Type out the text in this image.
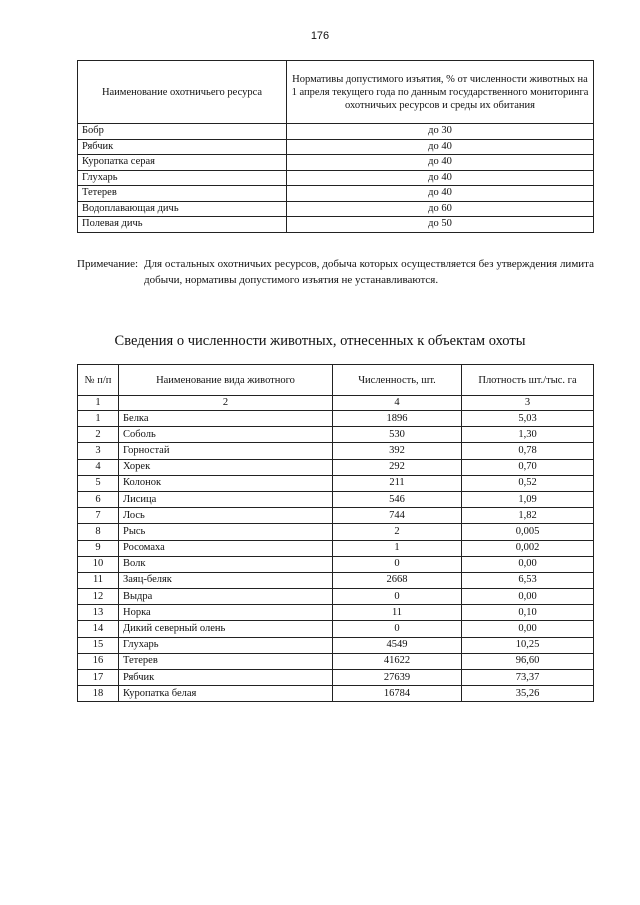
176
Наименование охотничьего ресурса	Нормативы допустимого изъятия, % от численности животных на 1 апреля текущего года по данным государственного мониторинга охотничьих ресурсов и среды их обитания
Бобр	до 30
Рябчик	до 40
Куропатка серая	до 40
Глухарь	до 40
Тетерев	до 40
Водоплавающая дичь	до 60
Полевая дичь	до 50
Примечание: Для остальных охотничьих ресурсов, добыча которых осуществляется без утверждения лимита добычи, нормативы допустимого изъятия не устанавливаются.
Сведения о численности животных, отнесенных к объектам охоты
№ п/п	Наименование вида животного	Численность, шт.	Плотность шт./тыс. га
1	2	4	3
1	Белка	1896	5,03
2	Соболь	530	1,30
3	Горностай	392	0,78
4	Хорек	292	0,70
5	Колонок	211	0,52
6	Лисица	546	1,09
7	Лось	744	1,82
8	Рысь	2	0,005
9	Росомаха	1	0,002
10	Волк	0	0,00
11	Заяц-беляк	2668	6,53
12	Выдра	0	0,00
13	Норка	11	0,10
14	Дикий северный олень	0	0,00
15	Глухарь	4549	10,25
16	Тетерев	41622	96,60
17	Рябчик	27639	73,37
18	Куропатка белая	16784	35,26
